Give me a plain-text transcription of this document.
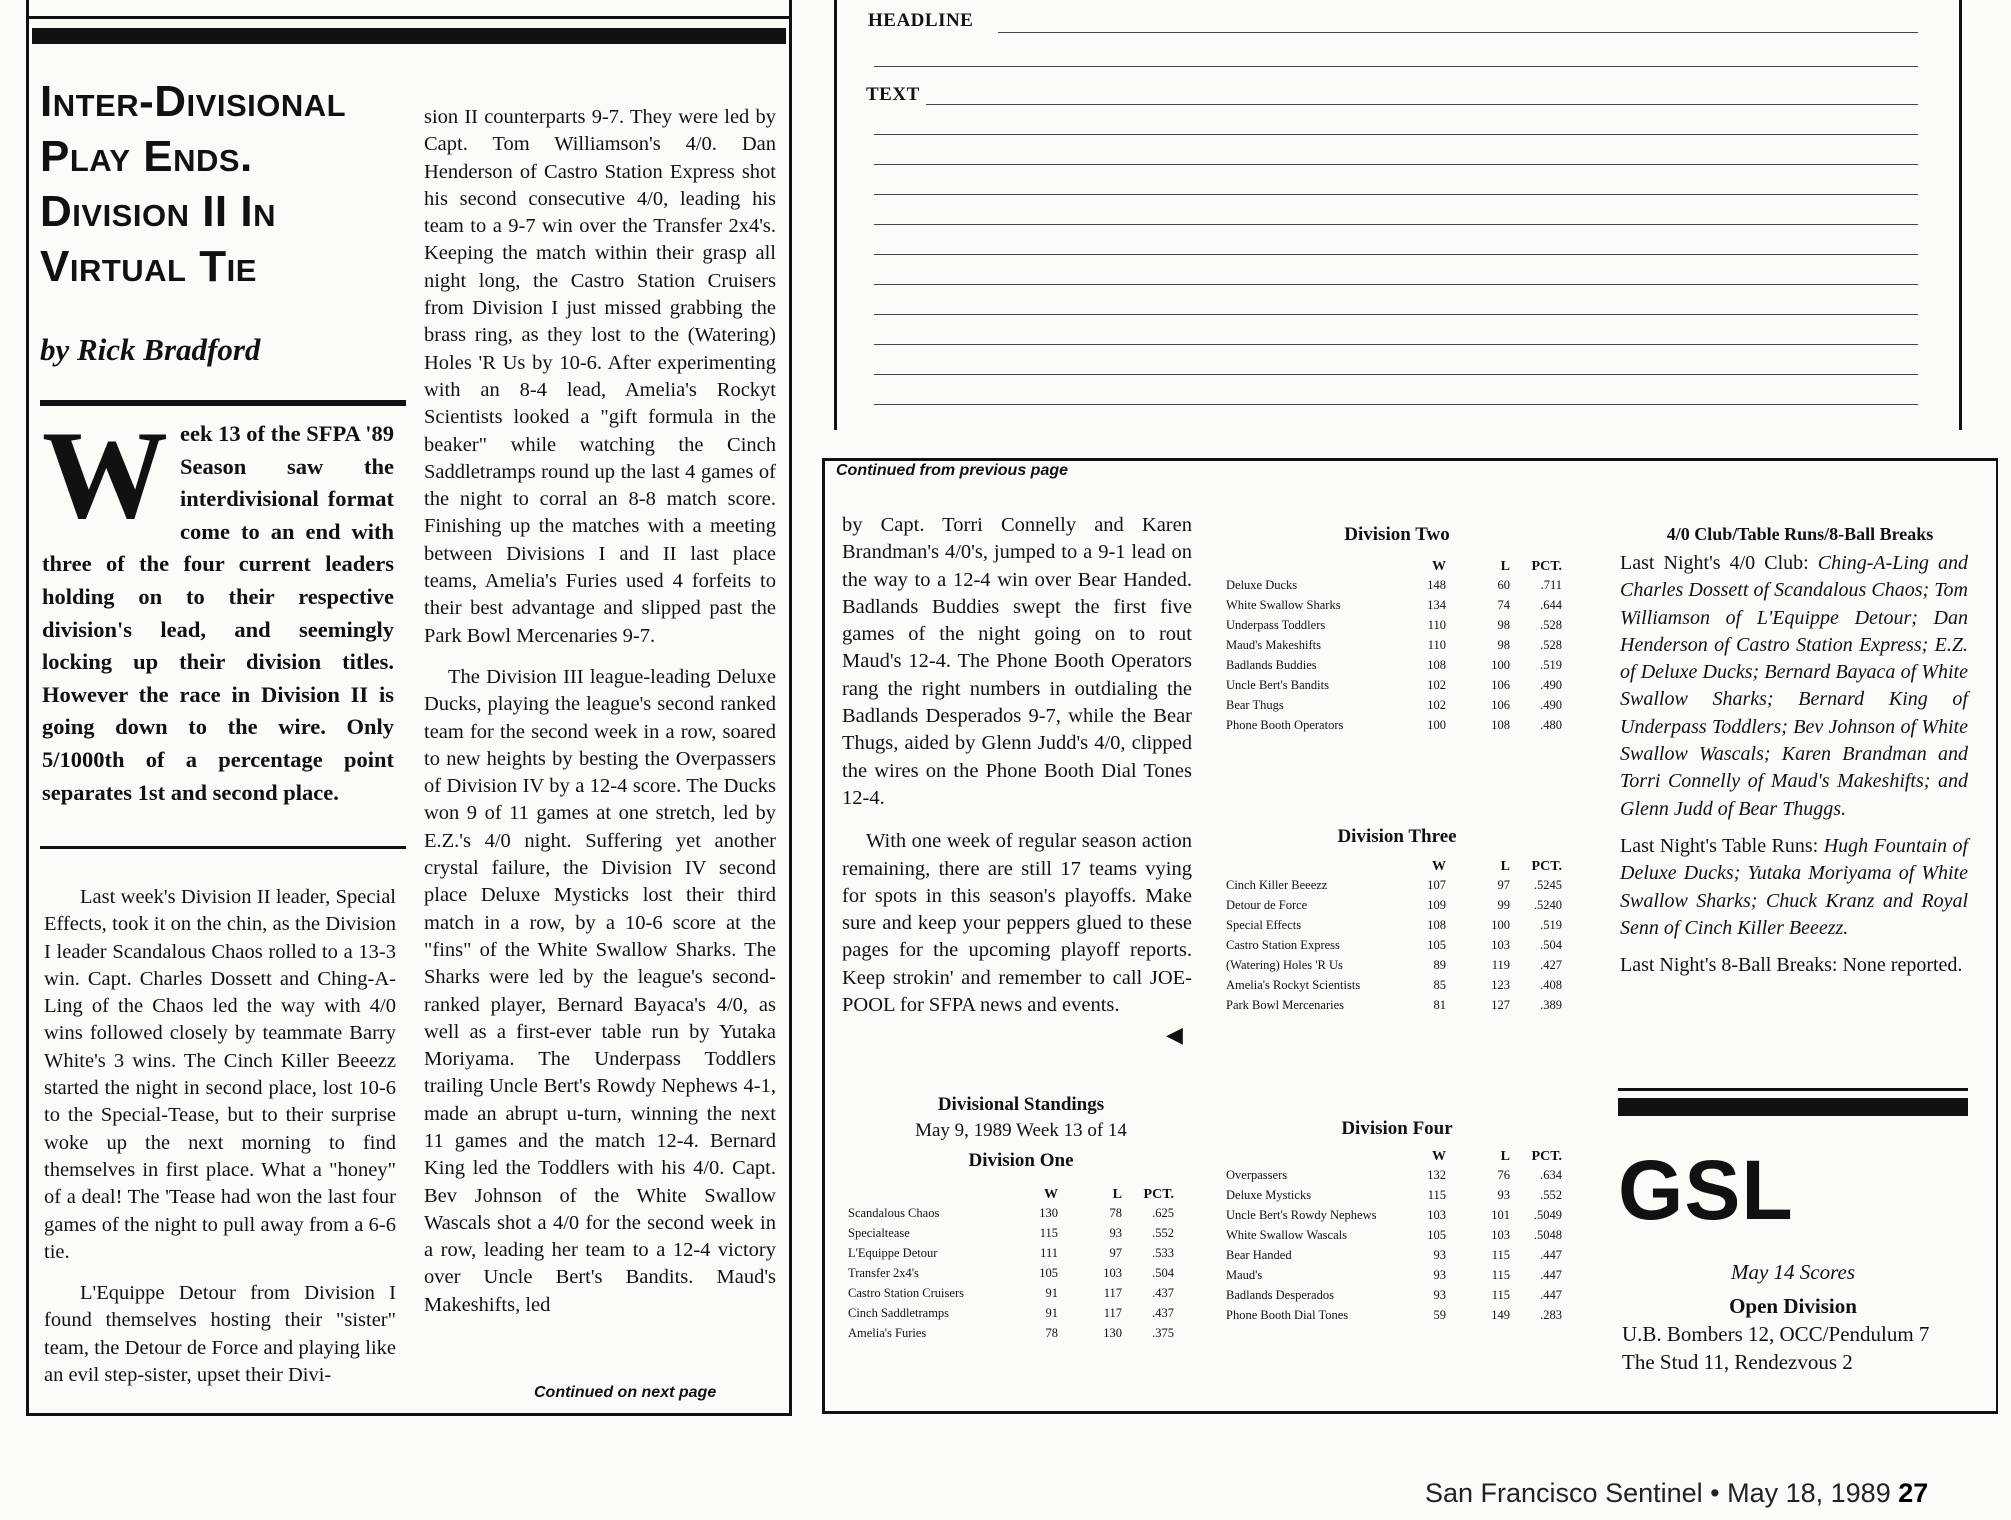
Inter-Divisional Play Ends. Division II In Virtual Tie
by Rick Bradford
Week 13 of the SFPA '89 Season saw the interdivisional format come to an end with three of the four current leaders holding on to their respective division's lead, and seemingly locking up their division titles. However the race in Division II is going down to the wire. Only 5/1000th of a percentage point separates 1st and second place.

Last week's Division II leader, Special Effects, took it on the chin, as the Division I leader Scandalous Chaos rolled to a 13-3 win. Capt. Charles Dossett and Ching-A-Ling of the Chaos led the way with 4/0 wins followed closely by teammate Barry White's 3 wins. The Cinch Killer Beeezz started the night in second place, lost 10-6 to the Special-Tease, but to their surprise woke up the next morning to find themselves in first place. What a "honey" of a deal! The 'Tease had won the last four games of the night to pull away from a 6-6 tie.

L'Equippe Detour from Division I found themselves hosting their "sister" team, the Detour de Force and playing like an evil step-sister, upset their Divi-

sion II counterparts 9-7. They were led by Capt. Tom Williamson's 4/0. Dan Henderson of Castro Station Express shot his second consecutive 4/0, leading his team to a 9-7 win over the Transfer 2x4's. Keeping the match within their grasp all night long, the Castro Station Cruisers from Division I just missed grabbing the brass ring, as they lost to the (Watering) Holes 'R Us by 10-6. After experimenting with an 8-4 lead, Amelia's Rockyt Scientists looked a "gift formula in the beaker" while watching the Cinch Saddletramps round up the last 4 games of the night to corral an 8-8 match score. Finishing up the matches with a meeting between Divisions I and II last place teams, Amelia's Furies used 4 forfeits to their best advantage and slipped past the Park Bowl Mercenaries 9-7.

The Division III league-leading Deluxe Ducks, playing the league's second ranked team for the second week in a row, soared to new heights by besting the Overpassers of Division IV by a 12-4 score. The Ducks won 9 of 11 games at one stretch, led by E.Z.'s 4/0 night. Suffering yet another crystal failure, the Division IV second place Deluxe Mysticks lost their third match in a row, by a 10-6 score at the "fins" of the White Swallow Sharks. The Sharks were led by the league's second-ranked player, Bernard Bayaca's 4/0, as well as a first-ever table run by Yutaka Moriyama. The Underpass Toddlers trailing Uncle Bert's Rowdy Nephews 4-1, made an abrupt u-turn, winning the next 11 games and the match 12-4. Bernard King led the Toddlers with his 4/0. Capt. Bev Johnson of the White Swallow Wascals shot a 4/0 for the second week in a row, leading her team to a 12-4 victory over Uncle Bert's Bandits. Maud's Makeshifts, led

Continued on next page
HEADLINE
TEXT
Continued from previous page

by Capt. Torri Connelly and Karen Brandman's 4/0's, jumped to a 9-1 lead on the way to a 12-4 win over Bear Handed. Badlands Buddies swept the first five games of the night going on to rout Maud's 12-4. The Phone Booth Operators rang the right numbers in outdialing the Badlands Desperados 9-7, while the Bear Thugs, aided by Glenn Judd's 4/0, clipped the wires on the Phone Booth Dial Tones 12-4.

With one week of regular season action remaining, there are still 17 teams vying for spots in this season's playoffs. Make sure and keep your peppers glued to these pages for the upcoming playoff reports. Keep strokin' and remember to call JOE-POOL for SFPA news and events.

◀
Divisional Standings
May 9, 1989 Week 13 of 14
Division One
	W	L	PCT.
Scandalous Chaos	130	78	.625
Specialtease	115	93	.552
L'Equippe Detour	111	97	.533
Transfer 2x4's	105	103	.504
Castro Station Cruisers	91	117	.437
Cinch Saddletramps	91	117	.437
Amelia's Furies	78	130	.375
Division Two
	W	L	PCT.
Deluxe Ducks	148	60	.711
White Swallow Sharks	134	74	.644
Underpass Toddlers	110	98	.528
Maud's Makeshifts	110	98	.528
Badlands Buddies	108	100	.519
Uncle Bert's Bandits	102	106	.490
Bear Thugs	102	106	.490
Phone Booth Operators	100	108	.480
Division Three
	W	L	PCT.
Cinch Killer Beeezz	107	97	.5245
Detour de Force	109	99	.5240
Special Effects	108	100	.519
Castro Station Express	105	103	.504
(Watering) Holes 'R Us	89	119	.427
Amelia's Rockyt Scientists	85	123	.408
Park Bowl Mercenaries	81	127	.389
Division Four
	W	L	PCT.
Overpassers	132	76	.634
Deluxe Mysticks	115	93	.552
Uncle Bert's Rowdy Nephews	103	101	.5049
White Swallow Wascals	105	103	.5048
Bear Handed	93	115	.447
Maud's	93	115	.447
Badlands Desperados	93	115	.447
Phone Booth Dial Tones	59	149	.283
4/0 Club/Table Runs/8-Ball Breaks

Last Night's 4/0 Club: Ching-A-Ling and Charles Dossett of Scandalous Chaos; Tom Williamson of L'Equippe Detour; Dan Henderson of Castro Station Express; E.Z. of Deluxe Ducks; Bernard Bayaca of White Swallow Sharks; Bernard King of Underpass Toddlers; Bev Johnson of White Swallow Wascals; Karen Brandman and Torri Connelly of Maud's Makeshifts; and Glenn Judd of Bear Thuggs.

Last Night's Table Runs: Hugh Fountain of Deluxe Ducks; Yutaka Moriyama of White Swallow Sharks; Chuck Kranz and Royal Senn of Cinch Killer Beeezz.

Last Night's 8-Ball Breaks: None reported.

GSL
May 14 Scores
Open Division
U.B. Bombers 12, OCC/Pendulum 7
The Stud 11, Rendezvous 2
San Francisco Sentinel • May 18, 1989 27
